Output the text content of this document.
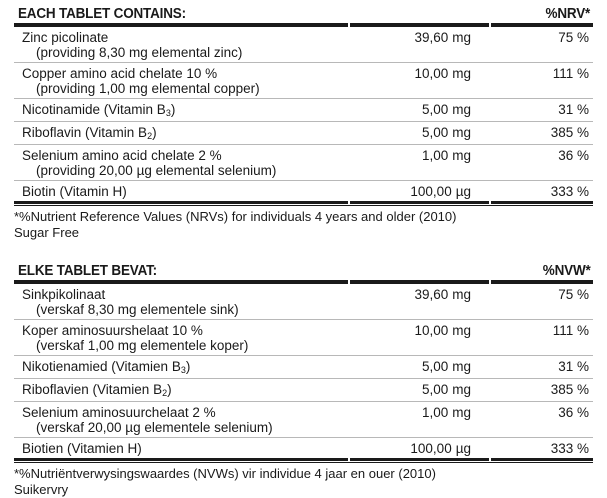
EACH TABLET CONTAINS:	%NRV*
Zinc picolinate
(providing 8,30 mg elemental zinc)
39,60 mg	75 %
Copper amino acid chelate 10 %
(providing 1,00 mg elemental copper)
10,00 mg	111 %
Nicotinamide (Vitamin $B_3$)	5,00 mg	31 %
Riboflavin (Vitamin $B_2$)	5,00 mg	385 %
Selenium amino acid chelate 2 %
(providing 20,00 µg elemental selenium)
1,00 mg	36 %
Biotin (Vitamin H)	100,00 µg	333 %
*%Nutrient Reference Values (NRVs) for individuals 4 years and older (2010)
Sugar Free
ELKE TABLET BEVAT:	%NVW*
Sinkpikolinaat
(verskaf 8,30 mg elementele sink)
39,60 mg	75 %
Koper aminosuurshelaat 10 %
(verskaf 1,00 mg elementele koper)
10,00 mg	111 %
Nikotienamied (Vitamien $B_3$)	5,00 mg	31 %
Riboflavien (Vitamien $B_2$)	5,00 mg	385 %
Selenium aminosuurchelaat 2 %
(verskaf 20,00 µg elementele selenium)
1,00 mg	36 %
Biotien (Vitamien H)	100,00 µg	333 %
*%Nutriëntverwysingswaardes (NVWs) vir individue 4 jaar en ouer (2010)
Suikervry
